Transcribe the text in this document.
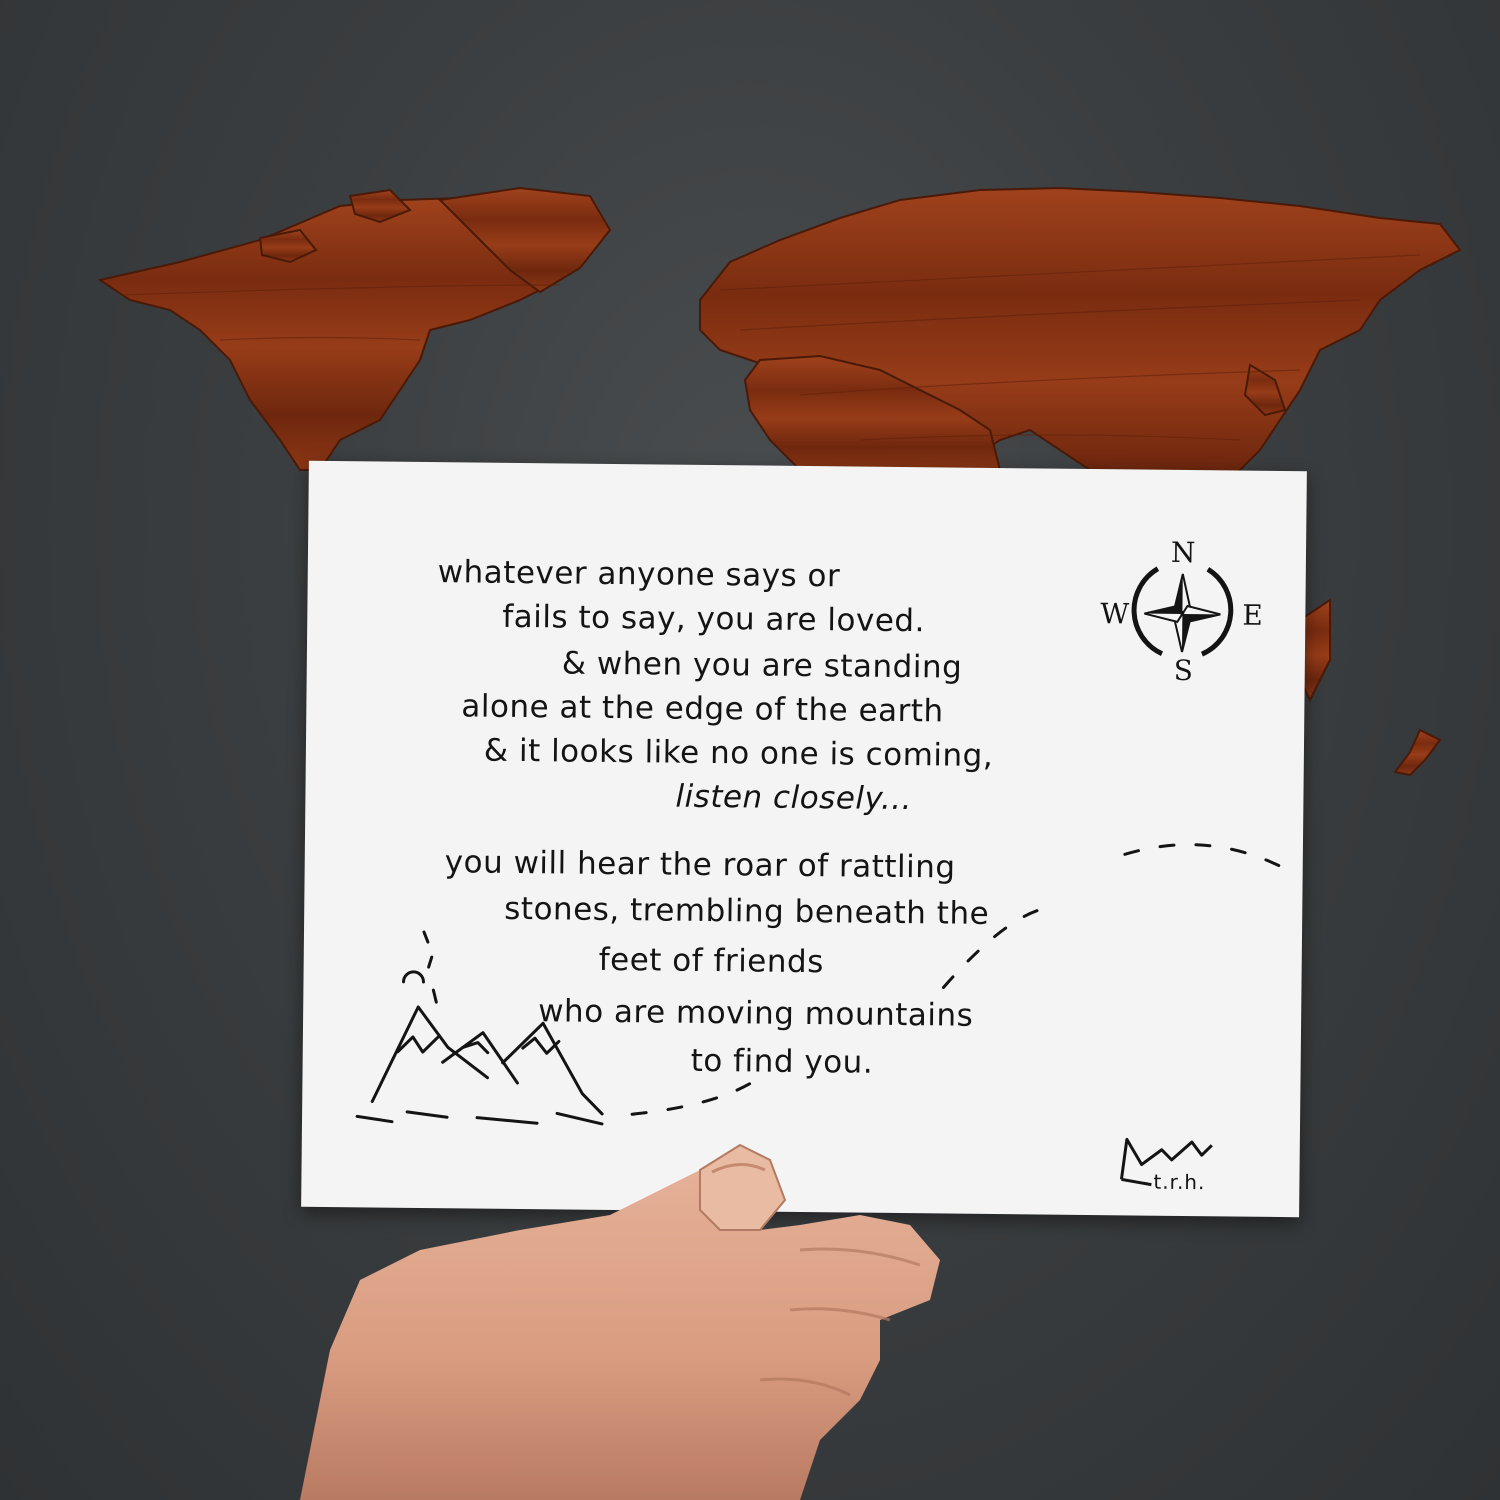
whatever anyone says or
fails to say, you are loved.
& when you are standing
alone at the edge of the earth
& it looks like no one is coming,
listen closely...
you will hear the roar of rattling
stones, trembling beneath the
feet of friends
who are moving mountains
to find you.
N
W	E
S
t.r.h.
